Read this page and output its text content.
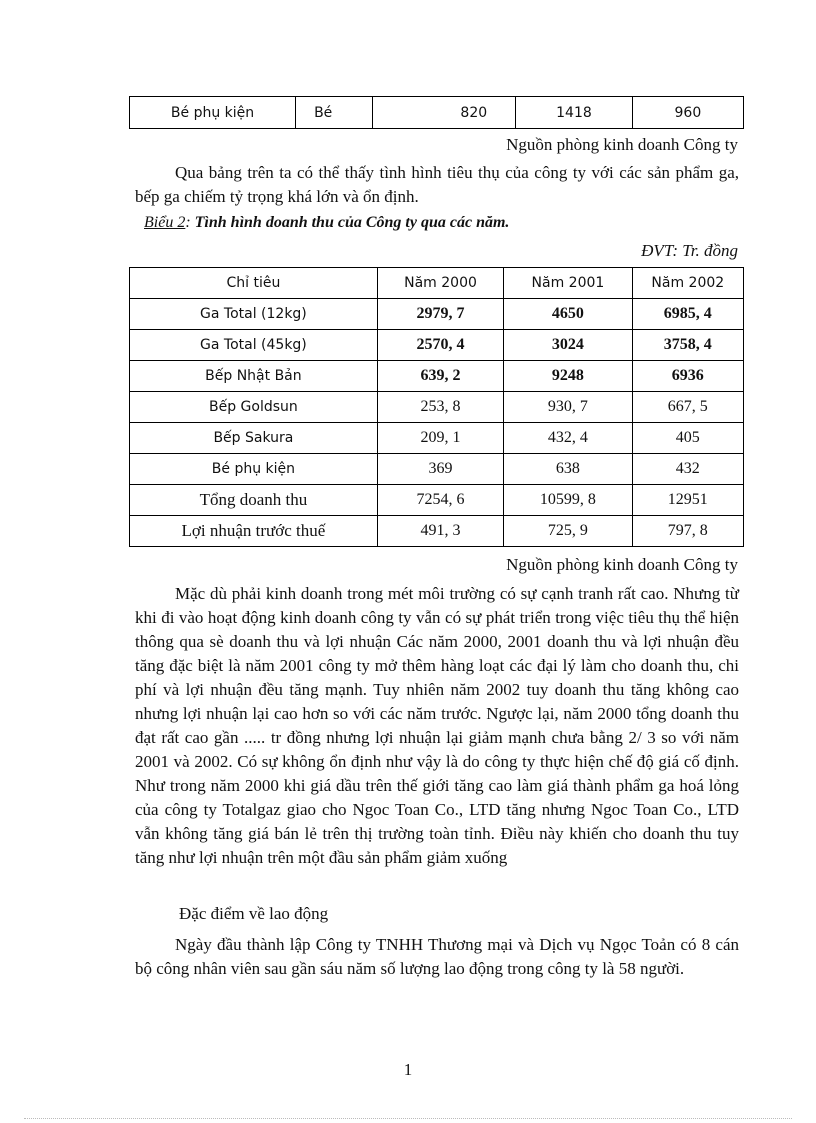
Bé phụ kiện	Bé	820	1418	960
Nguồn phòng kinh doanh Công ty

Qua bảng trên ta có thể thấy tình hình tiêu thụ của công ty với các sản phẩm ga, bếp ga chiếm tỷ trọng khá lớn và ổn định.

Biểu 2: Tình hình doanh thu của Công ty qua các năm.
ĐVT: Tr. đồng
Chỉ tiêu	Năm 2000	Năm 2001	Năm 2002
Ga Total (12kg)	2979, 7	4650	6985, 4
Ga Total (45kg)	2570, 4	3024	3758, 4
Bếp Nhật Bản	639, 2	9248	6936
Bếp Goldsun	253, 8	930, 7	667, 5
Bếp Sakura	209, 1	432, 4	405
Bé phụ kiện	369	638	432
Tổng doanh thu	7254, 6	10599, 8	12951
Lợi nhuận trước thuế	491, 3	725, 9	797, 8
Nguồn phòng kinh doanh Công ty

Mặc dù phải kinh doanh trong mét môi trường có sự cạnh tranh rất cao. Nhưng từ khi đi vào hoạt động kinh doanh công ty vẫn có sự phát triển trong việc tiêu thụ thể hiện thông qua sè doanh thu và lợi nhuận Các năm 2000, 2001 doanh thu và lợi nhuận đều tăng đặc biệt là năm 2001 công ty mở thêm hàng loạt các đại lý làm cho doanh thu, chi phí và lợi nhuận đều tăng mạnh. Tuy nhiên năm 2002 tuy doanh thu tăng không cao nhưng lợi nhuận lại cao hơn so với các năm trước. Ngược lại, năm 2000 tổng doanh thu đạt rất cao gần ..... tr đồng nhưng lợi nhuận lại giảm mạnh chưa bằng 2/ 3 so với năm 2001 và 2002. Có sự không ổn định như vậy là do công ty thực hiện chế độ giá cố định. Như trong năm 2000 khi giá dầu trên thế giới tăng cao làm giá thành phẩm ga hoá lỏng của công ty Totalgaz giao cho Ngoc Toan Co., LTD tăng nhưng Ngoc Toan Co., LTD vẫn không tăng giá bán lẻ trên thị trường toàn tỉnh. Điều này khiến cho doanh thu tuy tăng như lợi nhuận trên một đầu sản phẩm giảm xuống

Đặc điểm về lao động

Ngày đầu thành lập Công ty TNHH Thương mại và Dịch vụ Ngọc Toản có 8 cán bộ công nhân viên sau gần sáu năm số lượng lao động trong công ty là 58 người.

1
